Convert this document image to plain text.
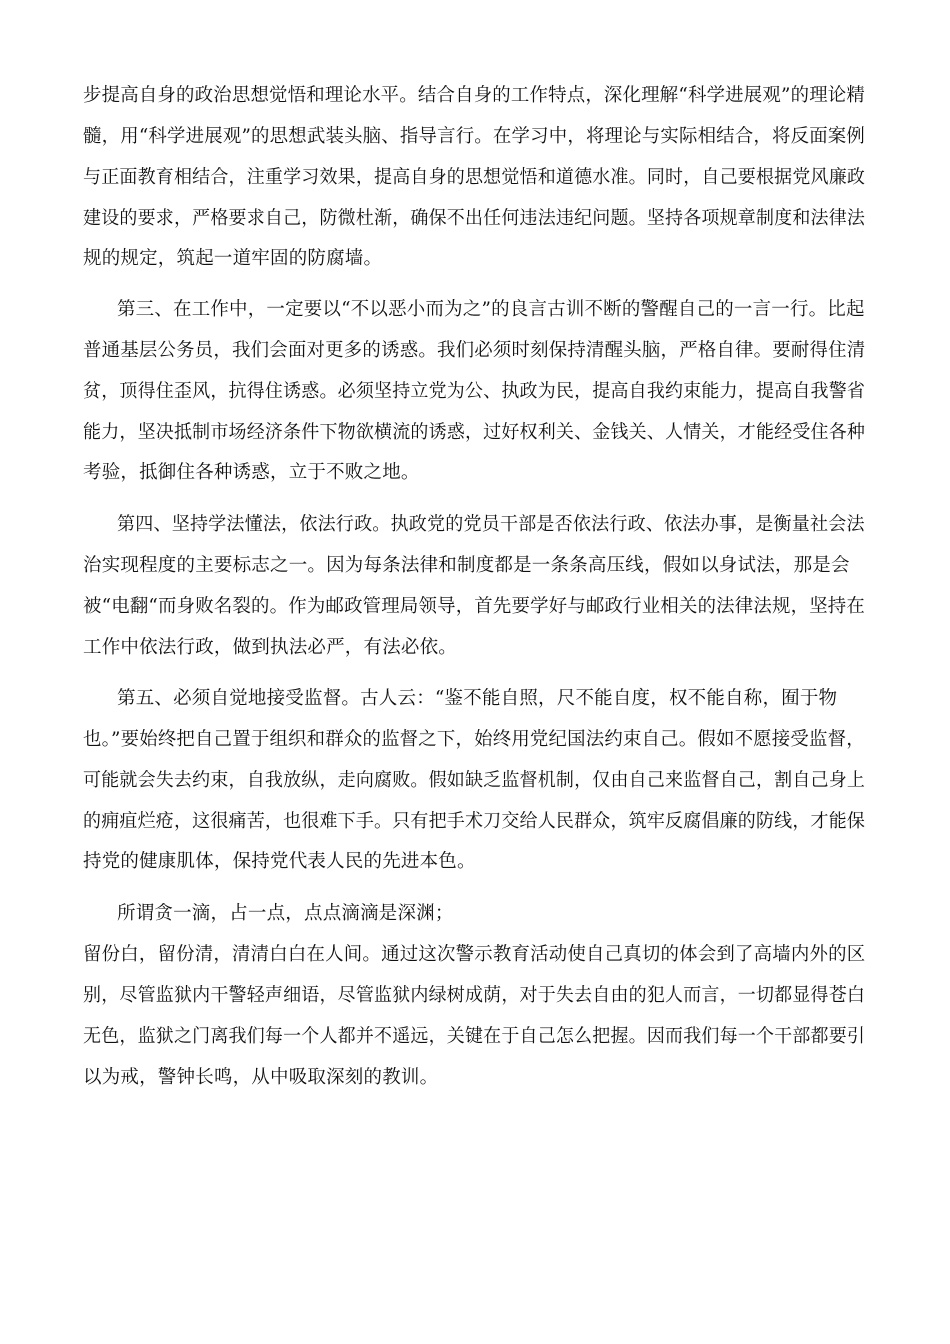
步提高自身的政治思想觉悟和理论水平。结合自身的工作特点，深化理解“科学进展观”的理论精
髓，用“科学进展观”的思想武装头脑、指导言行。在学习中，将理论与实际相结合，将反面案例
与正面教育相结合，注重学习效果，提高自身的思想觉悟和道德水准。同时，自己要根据党风廉政
建设的要求，严格要求自己，防微杜渐，确保不出任何违法违纪问题。坚持各项规章制度和法律法
规的规定，筑起一道牢固的防腐墙。
第三、在工作中，一定要以“不以恶小而为之”的良言古训不断的警醒自己的一言一行。比起
普通基层公务员，我们会面对更多的诱惑。我们必须时刻保持清醒头脑，严格自律。要耐得住清
贫，顶得住歪风，抗得住诱惑。必须坚持立党为公、执政为民，提高自我约束能力，提高自我警省
能力，坚决抵制市场经济条件下物欲横流的诱惑，过好权利关、金钱关、人情关，才能经受住各种
考验，抵御住各种诱惑，立于不败之地。
第四、坚持学法懂法，依法行政。执政党的党员干部是否依法行政、依法办事，是衡量社会法
治实现程度的主要标志之一。因为每条法律和制度都是一条条高压线，假如以身试法，那是会
被“电翻“而身败名裂的。作为邮政管理局领导，首先要学好与邮政行业相关的法律法规，坚持在
工作中依法行政，做到执法必严，有法必依。
第五、必须自觉地接受监督。古人云：“鉴不能自照，尺不能自度，权不能自称，囿于物
也。”要始终把自己置于组织和群众的监督之下，始终用党纪国法约束自己。假如不愿接受监督，
可能就会失去约束，自我放纵，走向腐败。假如缺乏监督机制，仅由自己来监督自己，割自己身上
的痈疽烂疮，这很痛苦，也很难下手。只有把手术刀交给人民群众，筑牢反腐倡廉的防线，才能保
持党的健康肌体，保持党代表人民的先进本色。
所谓贪一滴，占一点，点点滴滴是深渊；
留份白，留份清，清清白白在人间。通过这次警示教育活动使自己真切的体会到了高墙内外的区
别，尽管监狱内干警轻声细语，尽管监狱内绿树成荫，对于失去自由的犯人而言，一切都显得苍白
无色，监狱之门离我们每一个人都并不遥远，关键在于自己怎么把握。因而我们每一个干部都要引
以为戒，警钟长鸣，从中吸取深刻的教训。
